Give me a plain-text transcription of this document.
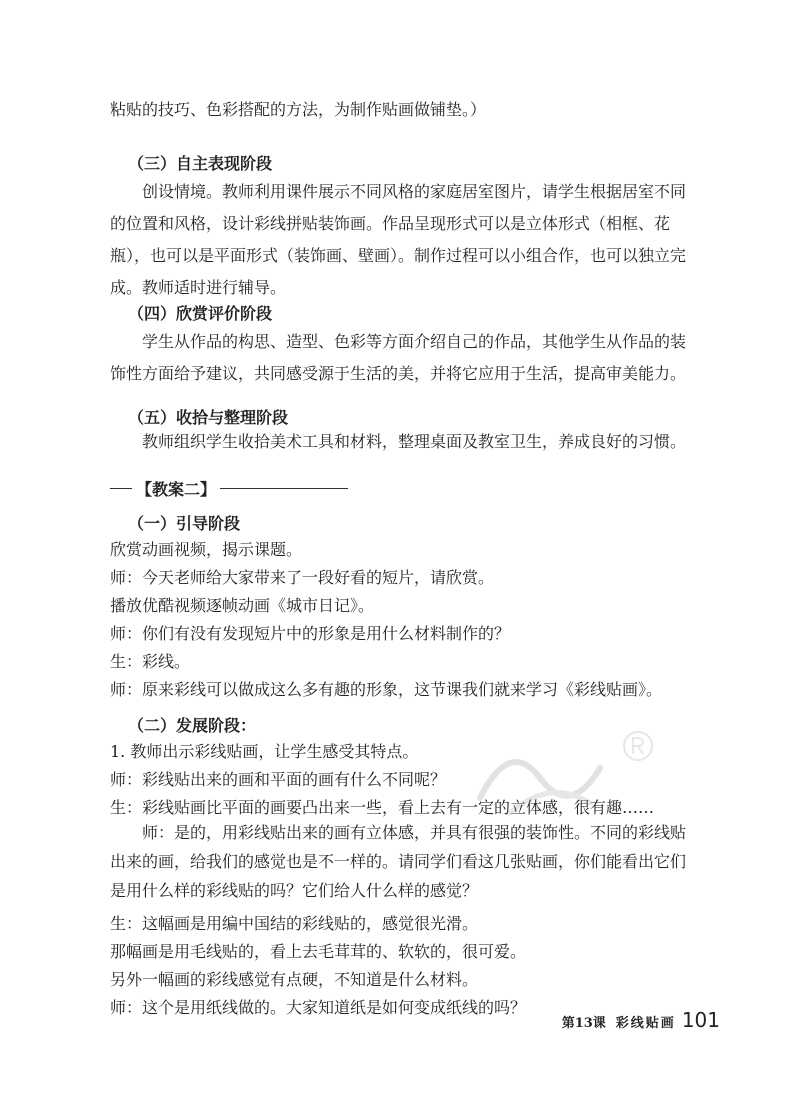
粘贴的技巧、色彩搭配的方法，为制作贴画做铺垫。）

（三）自主表现阶段

创设情境。教师利用课件展示不同风格的家庭居室图片，请学生根据居室不同的位置和风格，设计彩线拼贴装饰画。作品呈现形式可以是立体形式（相框、花瓶），也可以是平面形式（装饰画、壁画）。制作过程可以小组合作，也可以独立完成。教师适时进行辅导。

（四）欣赏评价阶段

学生从作品的构思、造型、色彩等方面介绍自己的作品，其他学生从作品的装饰性方面给予建议，共同感受源于生活的美，并将它应用于生活，提高审美能力。

（五）收拾与整理阶段

教师组织学生收拾美术工具和材料，整理桌面及教室卫生，养成良好的习惯。

【教案二】
（一）引导阶段

欣赏动画视频，揭示课题。

师：今天老师给大家带来了一段好看的短片，请欣赏。

播放优酷视频逐帧动画《城市日记》。

师：你们有没有发现短片中的形象是用什么材料制作的？

生：彩线。

师：原来彩线可以做成这么多有趣的形象，这节课我们就来学习《彩线贴画》。

（二）发展阶段：

1. 教师出示彩线贴画，让学生感受其特点。

师：彩线贴出来的画和平面的画有什么不同呢？

生：彩线贴画比平面的画要凸出来一些，看上去有一定的立体感，很有趣……

师：是的，用彩线贴出来的画有立体感，并具有很强的装饰性。不同的彩线贴出来的画，给我们的感觉也是不一样的。请同学们看这几张贴画，你们能看出它们是用什么样的彩线贴的吗？它们给人什么样的感觉？

生：这幅画是用编中国结的彩线贴的，感觉很光滑。

那幅画是用毛线贴的，看上去毛茸茸的、软软的，很可爱。

另外一幅画的彩线感觉有点硬，不知道是什么材料。

师：这个是用纸线做的。大家知道纸是如何变成纸线的吗？

第13课 彩线贴画 101
